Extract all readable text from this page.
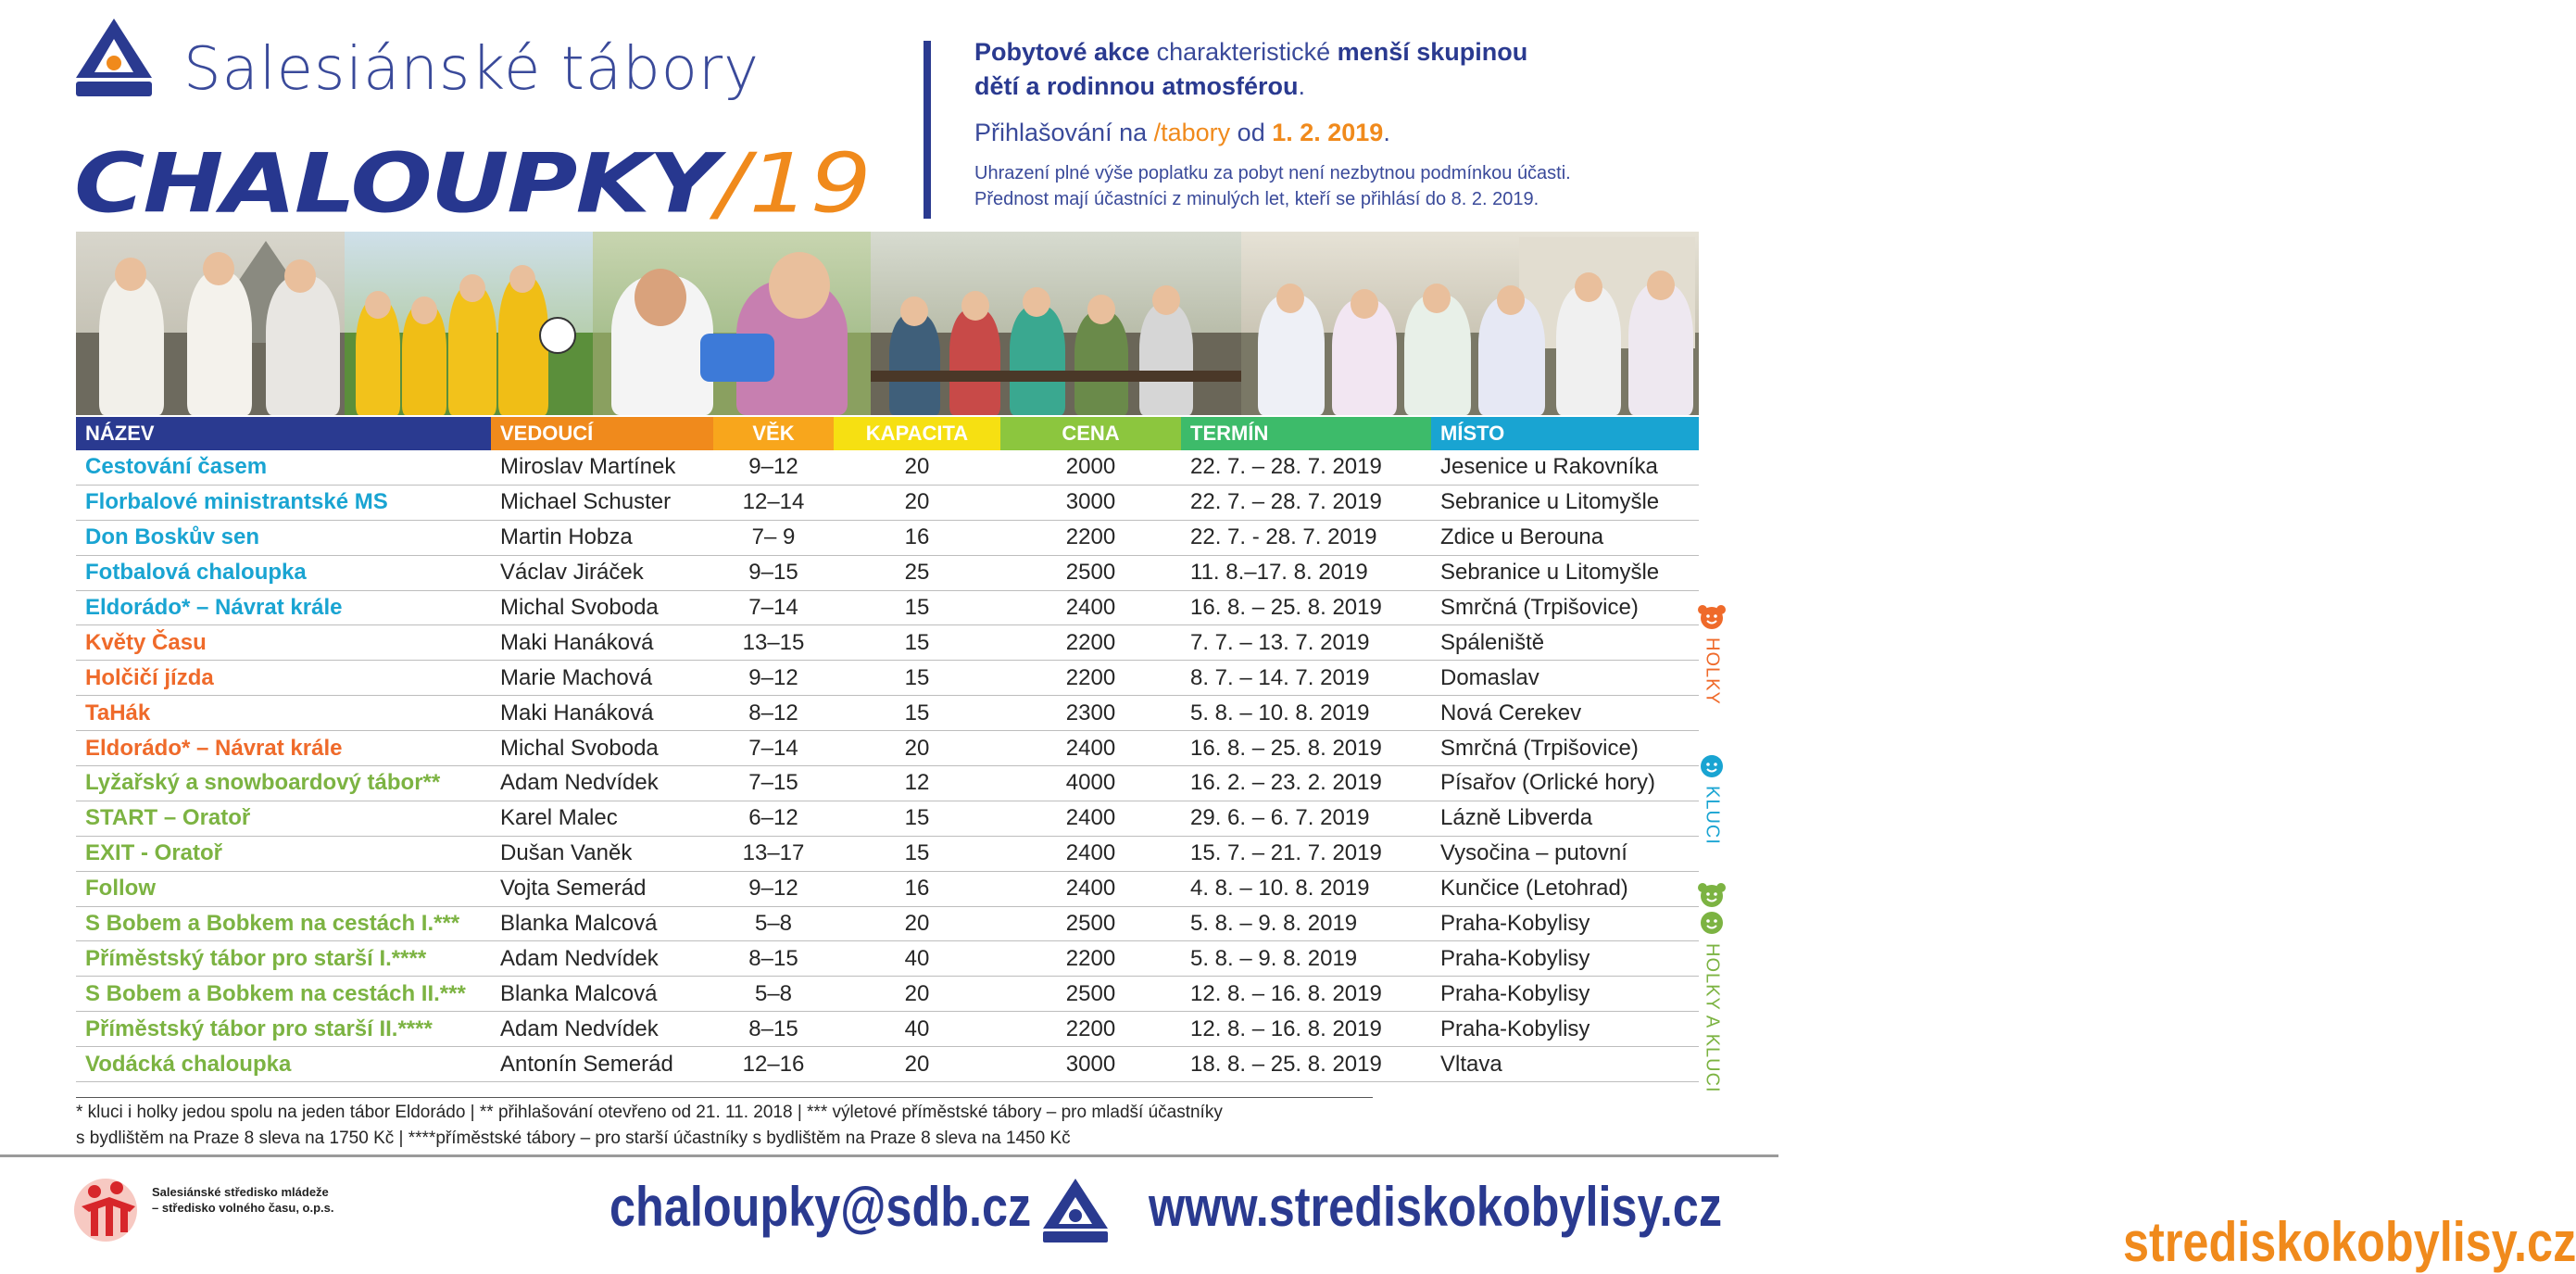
Salesiánské tábory
CHALOUPKY/19
Pobytové akce charakteristické menší skupinou
dětí a rodinnou atmosférou.
Přihlašování na
strediskokobylisy.cz
/tabory od 1. 2. 2019.
Uhrazení plné výše poplatku za pobyt není nezbytnou podmínkou účasti.
Přednost mají účastníci z minulých let, kteří se přihlásí do 8. 2. 2019.
NÁZEV	VEDOUCÍ	VĚK	KAPACITA	CENA	TERMÍN	MÍSTO
Cestování časem	Miroslav Martínek	9–12	20	2000	22. 7. – 28. 7. 2019	Jesenice u Rakovníka
Florbalové ministrantské MS	Michael Schuster	12–14	20	3000	22. 7. – 28. 7. 2019	Sebranice u Litomyšle
Don Boskův sen	Martin Hobza	7– 9	16	2200	22. 7. - 28. 7. 2019	Zdice u Berouna
Fotbalová chaloupka	Václav Jiráček	9–15	25	2500	11. 8.–17. 8. 2019	Sebranice u Litomyšle
Eldorádo* – Návrat krále	Michal Svoboda	7–14	15	2400	16. 8. – 25. 8. 2019	Smrčná (Trpišovice)
Květy Času	Maki Hanáková	13–15	15	2200	7. 7. – 13. 7. 2019	Spáleniště
Holčičí jízda	Marie Machová	9–12	15	2200	8. 7. – 14. 7. 2019	Domaslav
TaHák	Maki Hanáková	8–12	15	2300	5. 8. – 10. 8. 2019	Nová Cerekev
Eldorádo* – Návrat krále	Michal Svoboda	7–14	20	2400	16. 8. – 25. 8. 2019	Smrčná (Trpišovice)
Lyžařský a snowboardový tábor**	Adam Nedvídek	7–15	12	4000	16. 2. – 23. 2. 2019	Písařov (Orlické hory)
START – Oratoř	Karel Malec	6–12	15	2400	29. 6. – 6. 7. 2019	Lázně Libverda
EXIT - Oratoř	Dušan Vaněk	13–17	15	2400	15. 7. – 21. 7. 2019	Vysočina – putovní
Follow	Vojta Semerád	9–12	16	2400	4. 8. – 10. 8. 2019	Kunčice (Letohrad)
S Bobem a Bobkem na cestách I.***	Blanka Malcová	5–8	20	2500	5. 8. – 9. 8. 2019	Praha-Kobylisy
Příměstský tábor pro starší I.****	Adam Nedvídek	8–15	40	2200	5. 8. – 9. 8. 2019	Praha-Kobylisy
S Bobem a Bobkem na cestách II.***	Blanka Malcová	5–8	20	2500	12. 8. – 16. 8. 2019	Praha-Kobylisy
Příměstský tábor pro starší II.****	Adam Nedvídek	8–15	40	2200	12. 8. – 16. 8. 2019	Praha-Kobylisy
Vodácká chaloupka	Antonín Semerád	12–16	20	3000	18. 8. – 25. 8. 2019	Vltava
* kluci i holky jedou spolu na jeden tábor Eldorádo | ** přihlašování otevřeno od 21. 11. 2018 | *** výletové příměstské tábory – pro mladší účastníky
s bydlištěm na Praze 8 sleva na 1750 Kč | ****příměstské tábory – pro starší účastníky s bydlištěm na Praze 8 sleva na 1450 Kč
HOLKY
KLUCI
HOLKY A KLUCI
Salesiánské středisko mládeže – středisko volného času, o.p.s.	chaloupky@sdb.cz www.strediskokobylisy.cz
